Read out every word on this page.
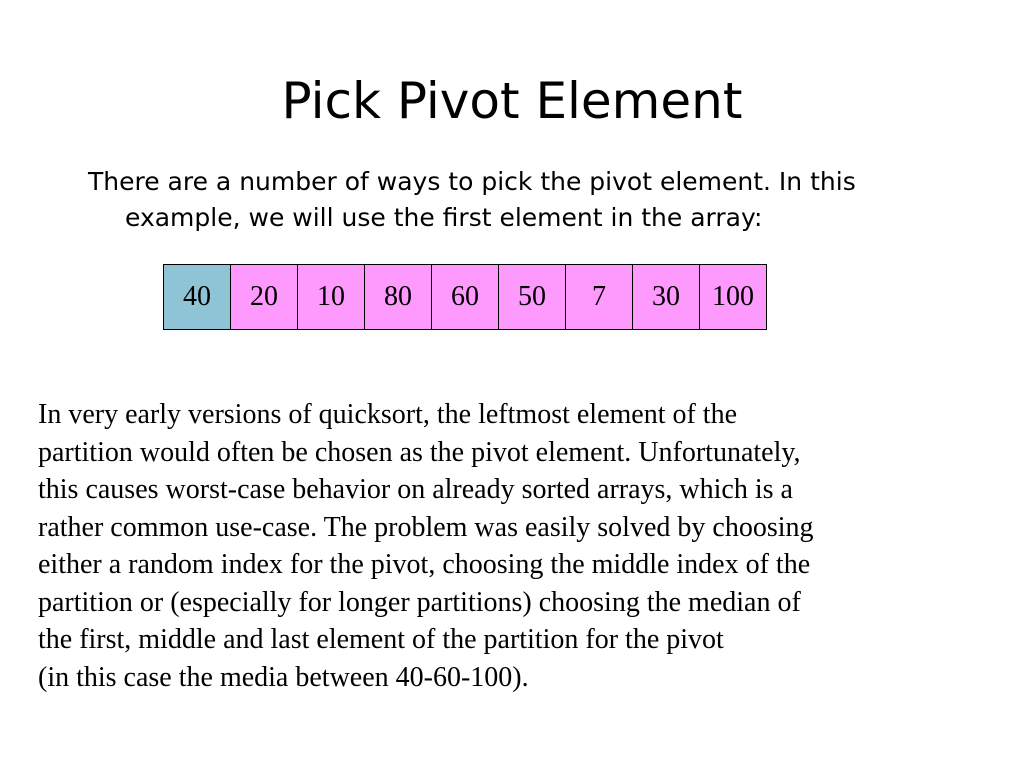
Pick Pivot Element
There are a number of ways to pick the pivot element. In this
example, we will use the first element in the array:
40	20	10	80	60	50	7	30	100
In very early versions of quicksort, the leftmost element of the
partition would often be chosen as the pivot element. Unfortunately,
this causes worst-case behavior on already sorted arrays, which is a
rather common use-case. The problem was easily solved by choosing
either a random index for the pivot, choosing the middle index of the
partition or (especially for longer partitions) choosing the median of
the first, middle and last element of the partition for the pivot
(in this case the media between 40-60-100).
